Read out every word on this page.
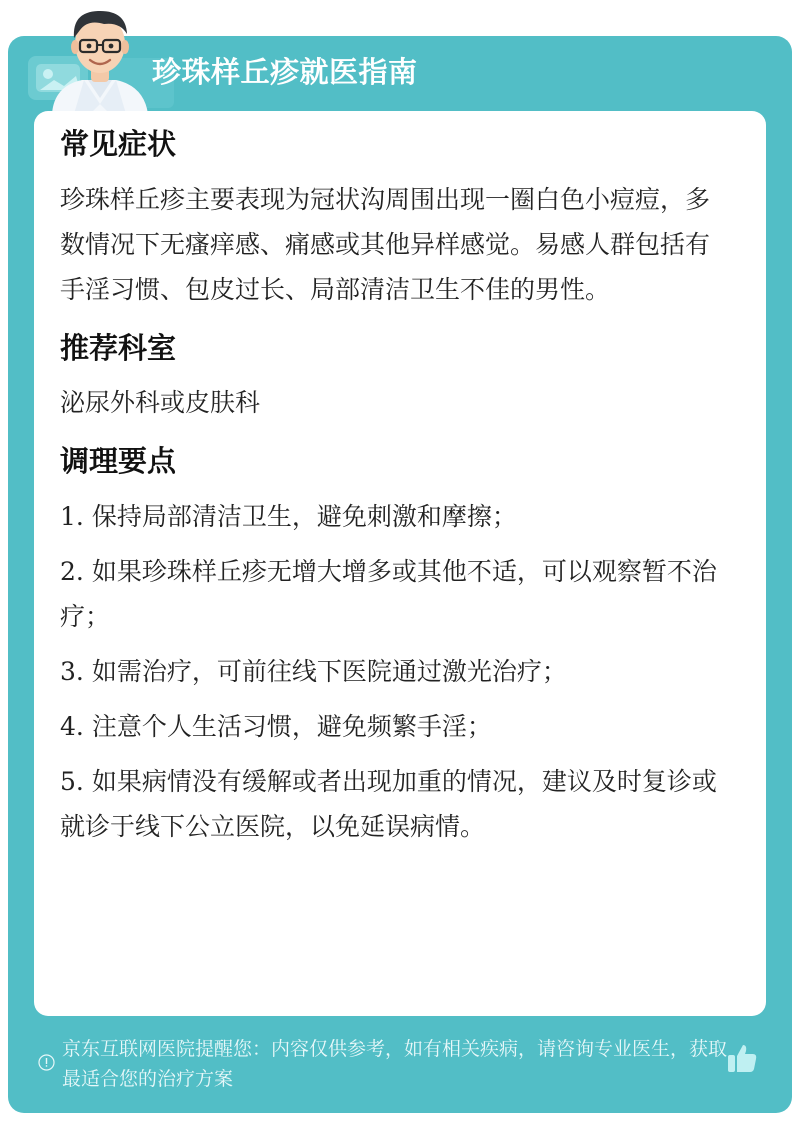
珍珠样丘疹就医指南
常见症状

珍珠样丘疹主要表现为冠状沟周围出现一圈白色小痘痘，多数情况下无瘙痒感、痛感或其他异样感觉。易感人群包括有手淫习惯、包皮过长、局部清洁卫生不佳的男性。

推荐科室

泌尿外科或皮肤科

调理要点
1. 保持局部清洁卫生，避免刺激和摩擦；
2. 如果珍珠样丘疹无增大增多或其他不适，可以观察暂不治疗；
3. 如需治疗，可前往线下医院通过激光治疗；
4. 注意个人生活习惯，避免频繁手淫；
5. 如果病情没有缓解或者出现加重的情况，建议及时复诊或就诊于线下公立医院，以免延误病情。
京东互联网医院提醒您：内容仅供参考，如有相关疾病，请咨询专业医生，获取最适合您的治疗方案
